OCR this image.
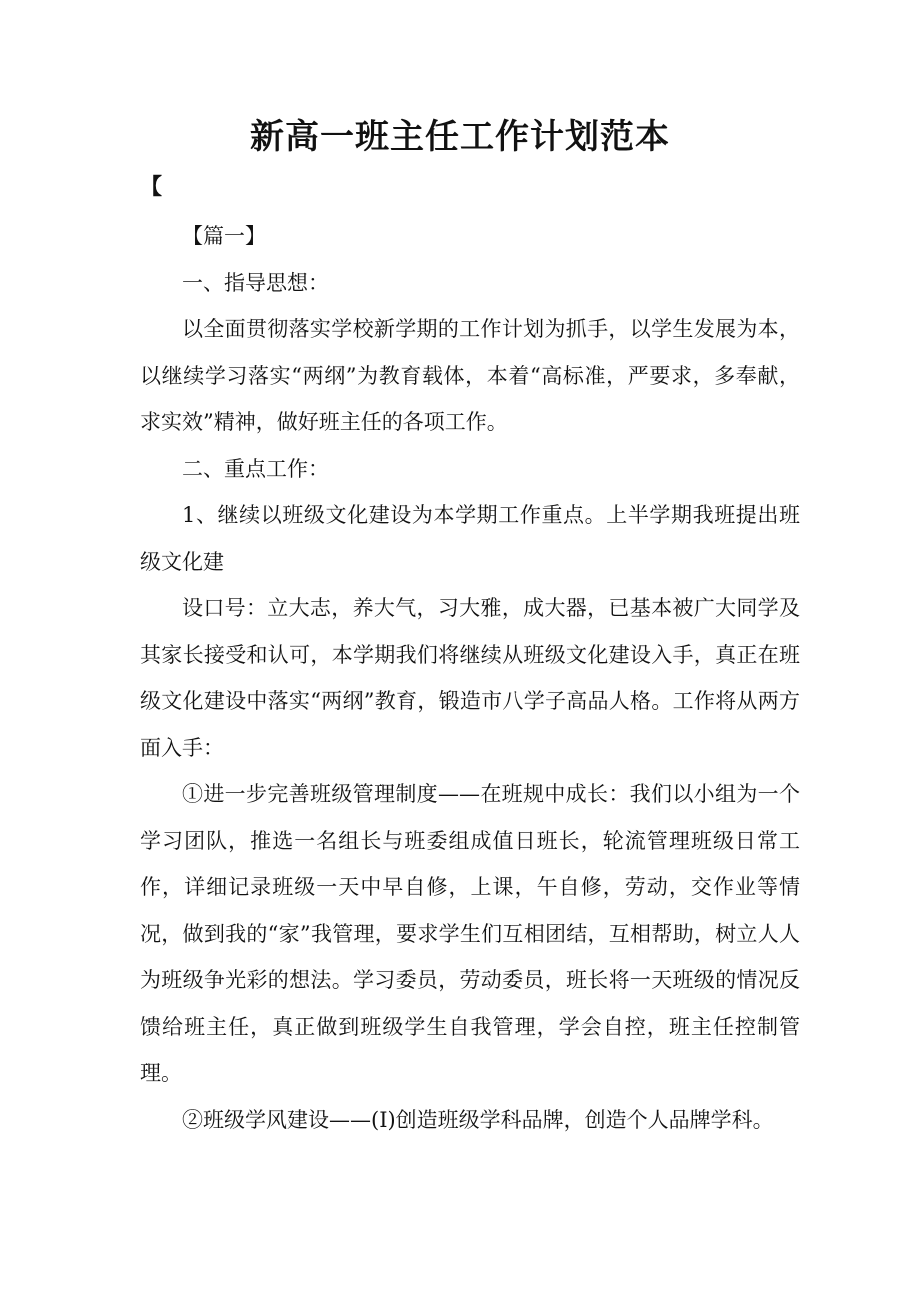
新高一班主任工作计划范本
【

【篇一】

一、指导思想：

以全面贯彻落实学校新学期的工作计划为抓手，以学生发展为本，以继续学习落实“两纲”为教育载体，本着“高标准，严要求，多奉献，求实效”精神，做好班主任的各项工作。

二、重点工作：

1、继续以班级文化建设为本学期工作重点。上半学期我班提出班级文化建

设口号：立大志，养大气，习大雅，成大器，已基本被广大同学及其家长接受和认可，本学期我们将继续从班级文化建设入手，真正在班级文化建设中落实“两纲”教育，锻造市八学子高品人格。工作将从两方面入手：

①进一步完善班级管理制度——在班规中成长：我们以小组为一个学习团队，推选一名组长与班委组成值日班长，轮流管理班级日常工作，详细记录班级一天中早自修，上课，午自修，劳动，交作业等情况，做到我的“家”我管理，要求学生们互相团结，互相帮助，树立人人为班级争光彩的想法。学习委员，劳动委员，班长将一天班级的情况反馈给班主任，真正做到班级学生自我管理，学会自控，班主任控制管理。

②班级学风建设——(Ⅰ)创造班级学科品牌，创造个人品牌学科。
